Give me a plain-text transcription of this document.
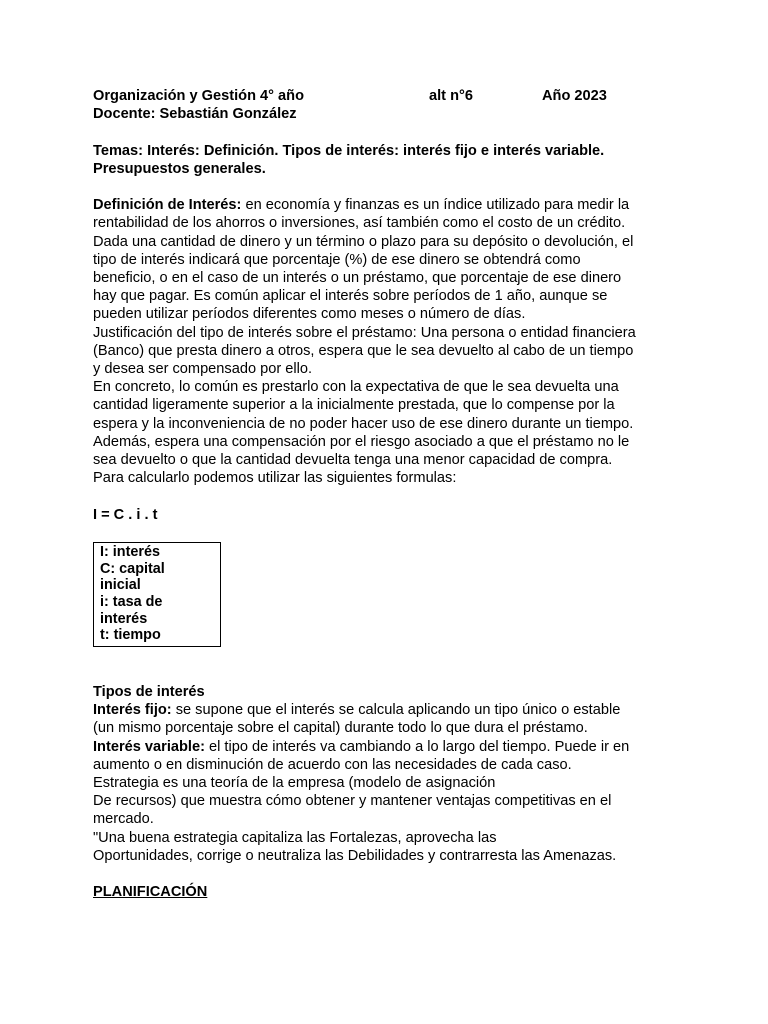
Organización y Gestión 4° año	alt n°6	Año 2023
Docente: Sebastián González
Temas: Interés: Definición. Tipos de interés: interés fijo e interés variable.
Presupuestos generales.
Definición de Interés: en economía y finanzas es un índice utilizado para medir la
rentabilidad de los ahorros o inversiones, así también como el costo de un crédito.
Dada una cantidad de dinero y un término o plazo para su depósito o devolución, el
tipo de interés indicará que porcentaje (%) de ese dinero se obtendrá como
beneficio, o en el caso de un interés o un préstamo, que porcentaje de ese dinero
hay que pagar. Es común aplicar el interés sobre períodos de 1 año, aunque se
pueden utilizar períodos diferentes como meses o número de días.
Justificación del tipo de interés sobre el préstamo: Una persona o entidad financiera
(Banco) que presta dinero a otros, espera que le sea devuelto al cabo de un tiempo
y desea ser compensado por ello.
En concreto, lo común es prestarlo con la expectativa de que le sea devuelta una
cantidad ligeramente superior a la inicialmente prestada, que lo compense por la
espera y la inconveniencia de no poder hacer uso de ese dinero durante un tiempo.
Además, espera una compensación por el riesgo asociado a que el préstamo no le
sea devuelto o que la cantidad devuelta tenga una menor capacidad de compra.
Para calcularlo podemos utilizar las siguientes formulas:
I = C . i . t
I: interés
C: capital
inicial
i: tasa de
interés
t: tiempo
Tipos de interés
Interés fijo: se supone que el interés se calcula aplicando un tipo único o estable
(un mismo porcentaje sobre el capital) durante todo lo que dura el préstamo.
Interés variable: el tipo de interés va cambiando a lo largo del tiempo. Puede ir en
aumento o en disminución de acuerdo con las necesidades de cada caso.
Estrategia es una teoría de la empresa (modelo de asignación
De recursos) que muestra cómo obtener y mantener ventajas competitivas en el
mercado.
"Una buena estrategia capitaliza las Fortalezas, aprovecha las
Oportunidades, corrige o neutraliza las Debilidades y contrarresta las Amenazas.
PLANIFICACIÓN
